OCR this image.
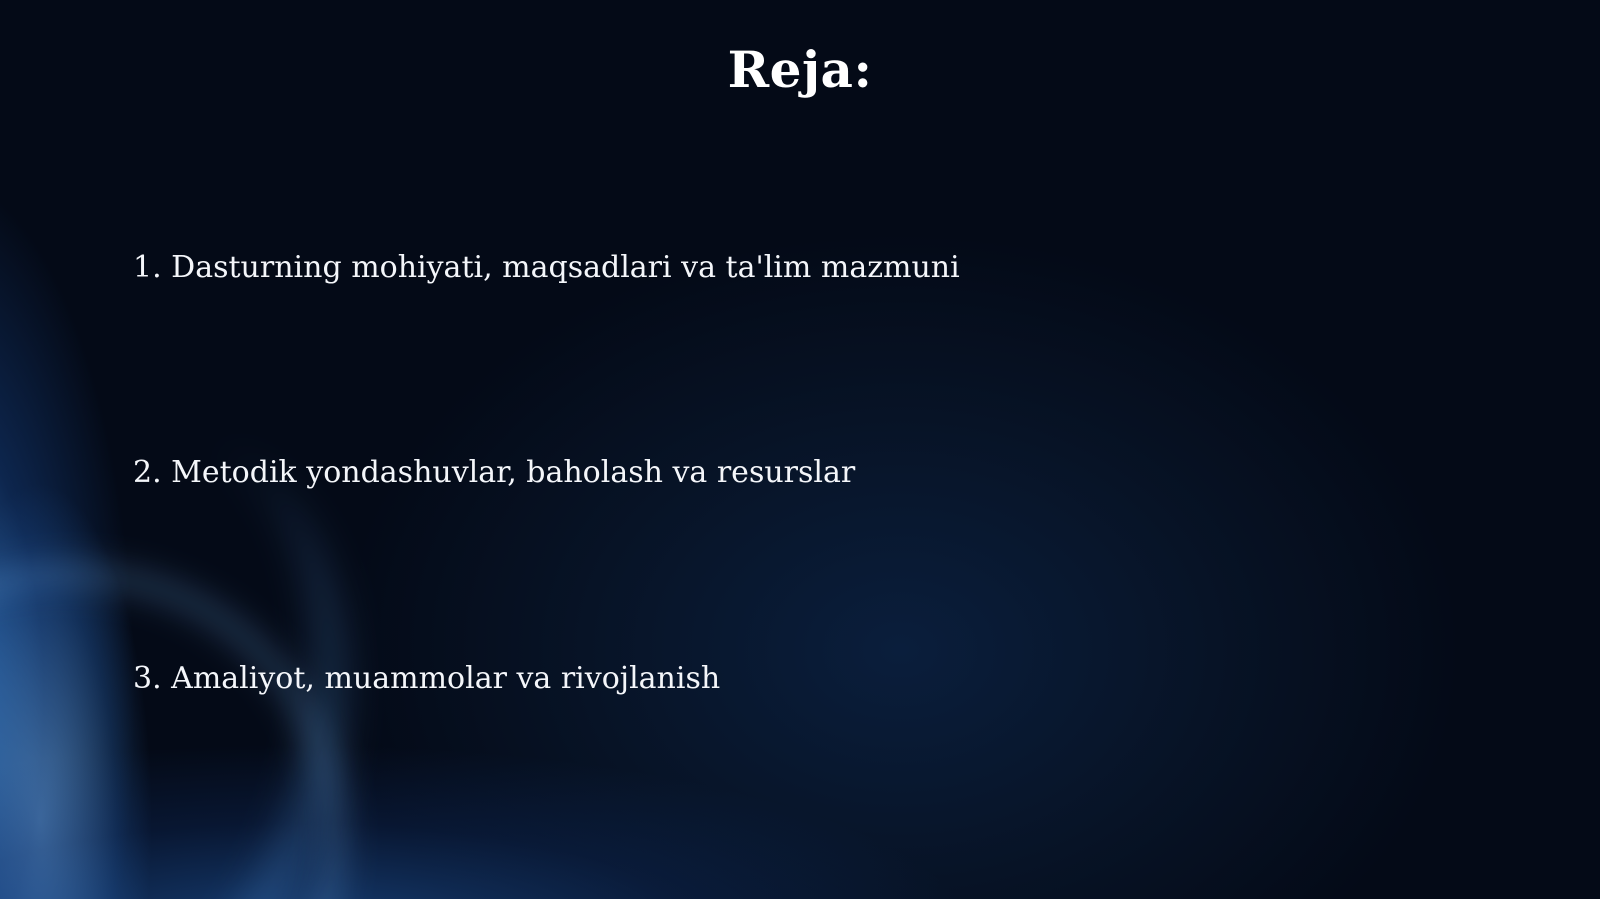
Reja:
1. Dasturning mohiyati, maqsadlari va ta'lim mazmuni
2. Metodik yondashuvlar, baholash va resurslar
3. Amaliyot, muammolar va rivojlanish
